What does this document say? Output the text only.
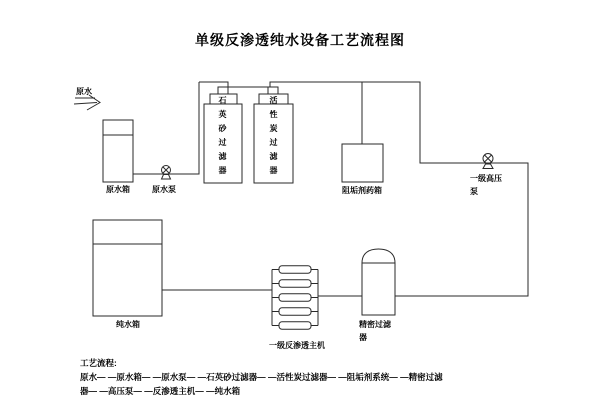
单级反渗透纯水设备工艺流程图
原水
原水箱	原水泵
石英砂过滤器	活性炭过滤器
阻垢剂药箱
一级高压泵
纯水箱
一级反渗透主机
精密过滤器
工艺流程:
原水— —原水箱— —原水泵— —石英砂过滤器— —活性炭过滤器— —阻垢剂系统— —精密过滤
器— —高压泵— —反渗透主机— —纯水箱
